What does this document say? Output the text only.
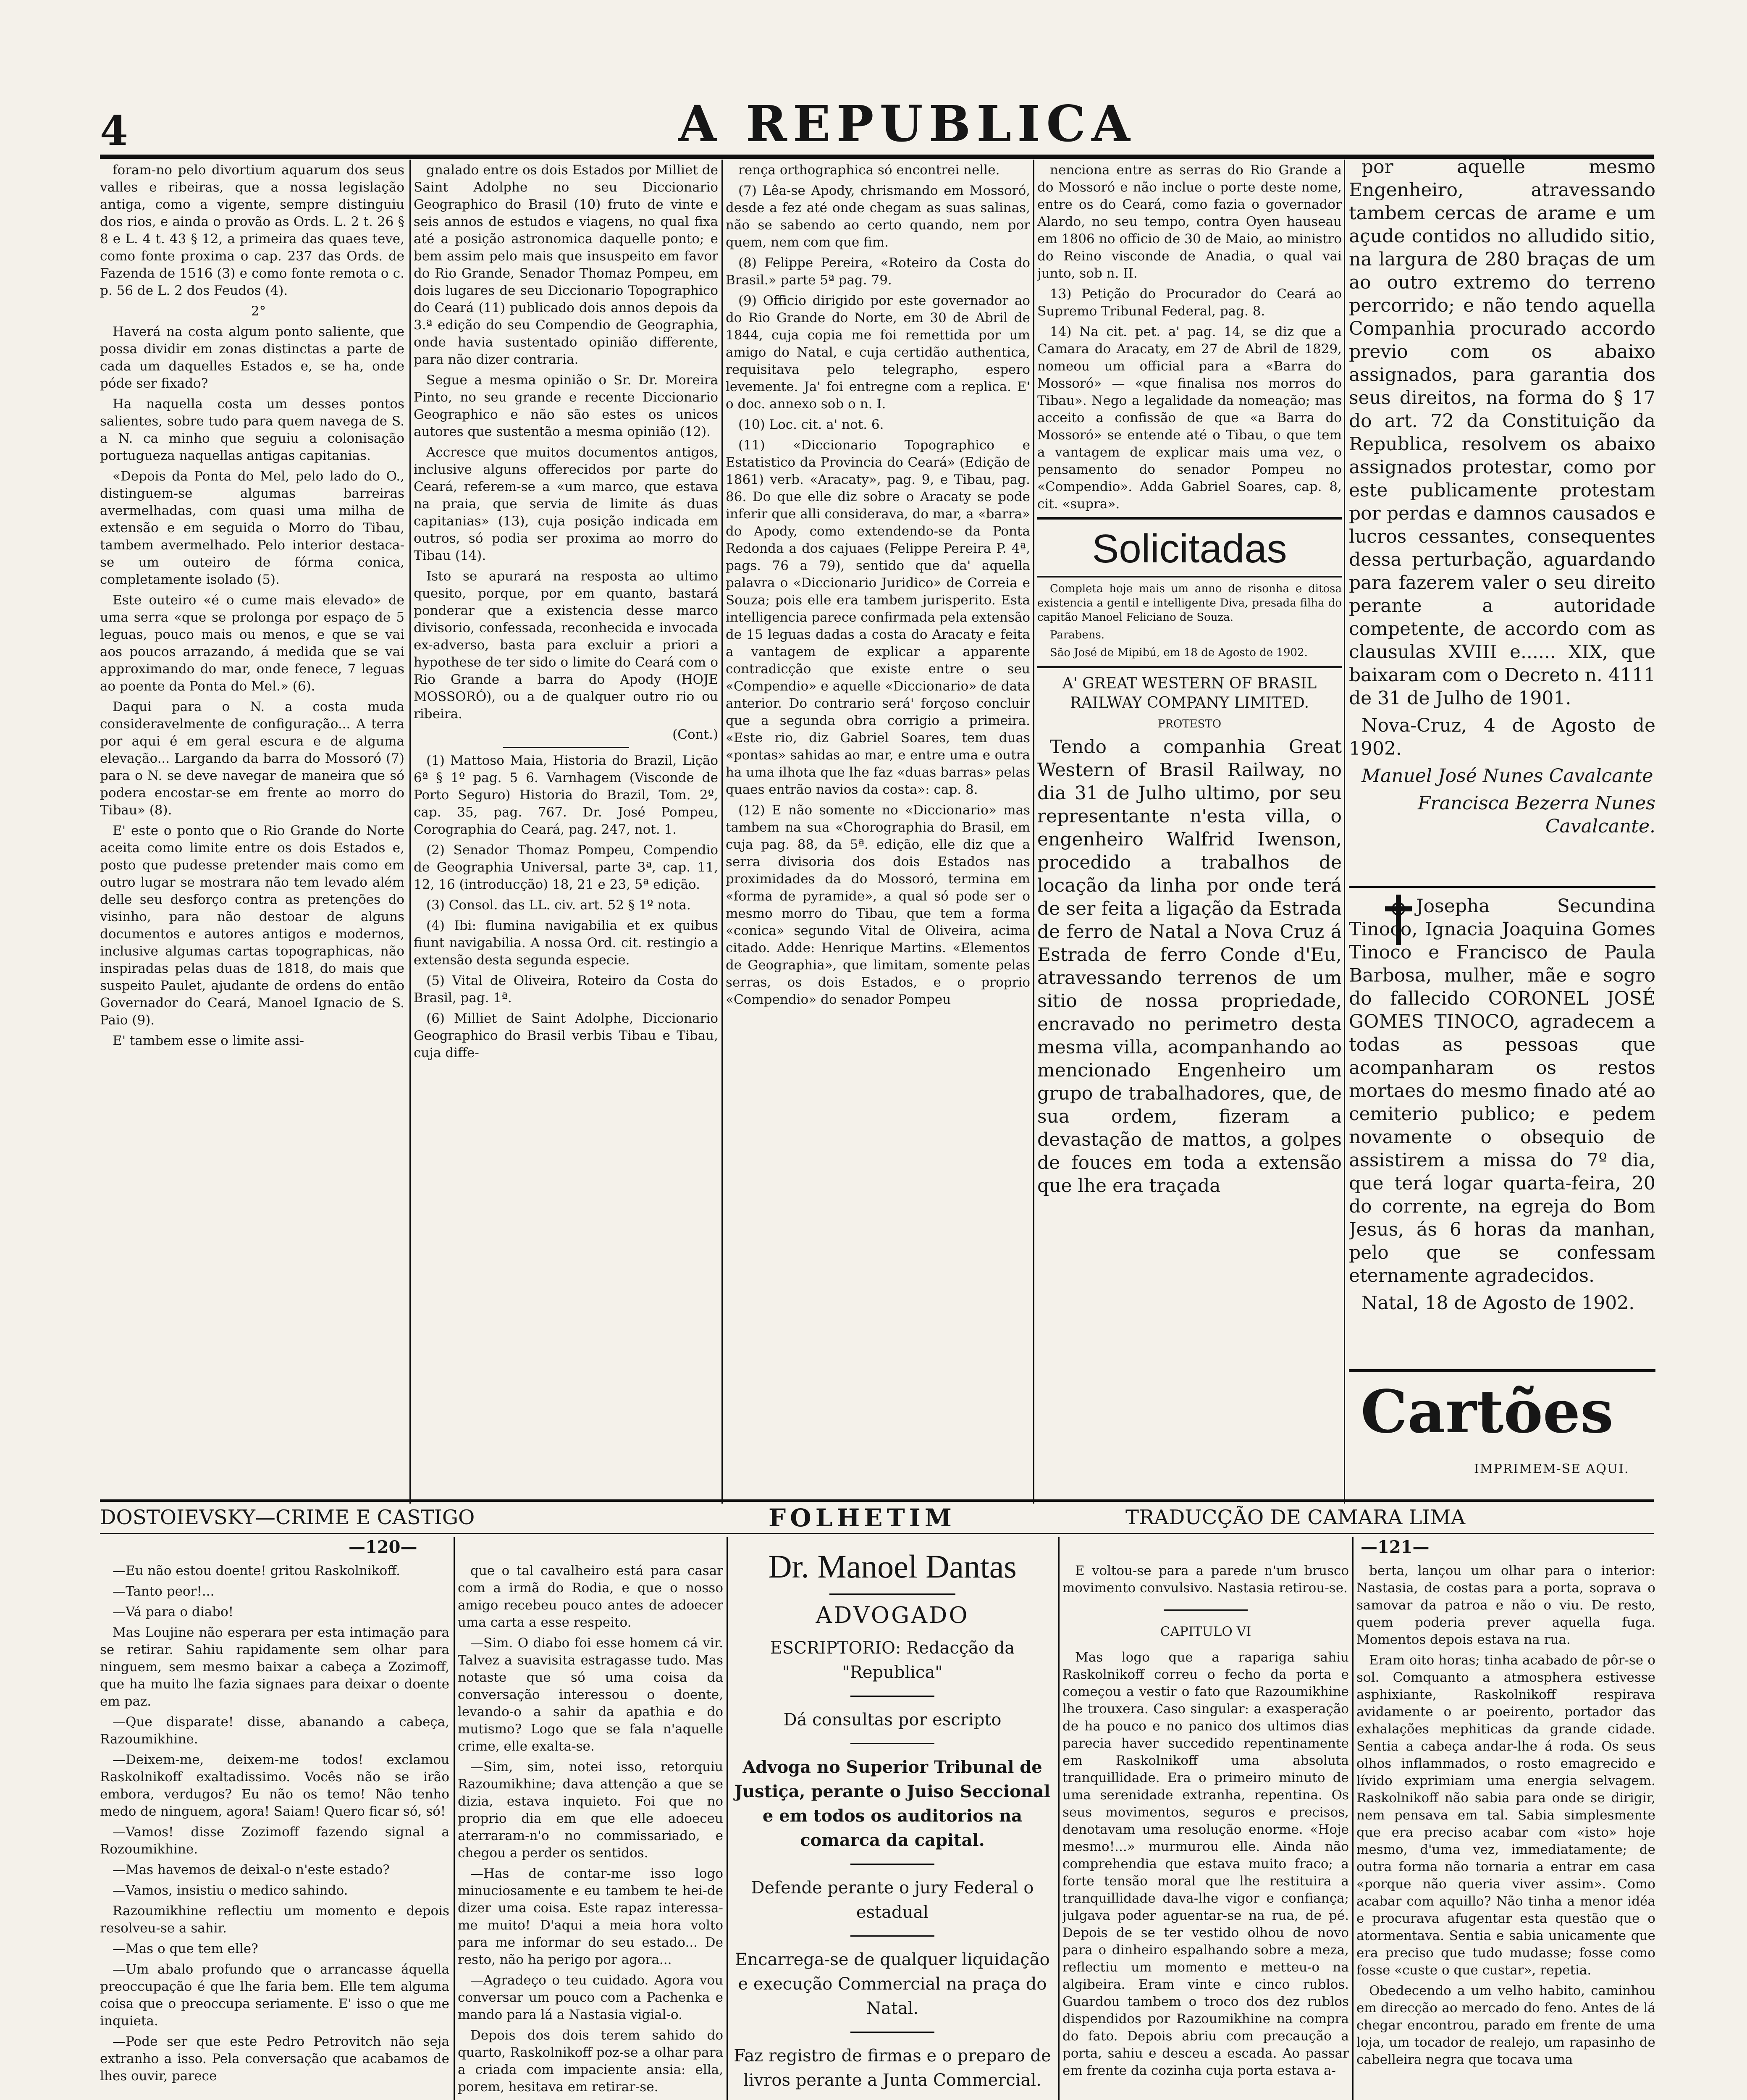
4	A REPUBLICA

foram-no pelo divortium aquarum dos seus valles e ribeiras, que a nossa legislação antiga, como a vigente, sempre distinguiu dos rios, e ainda o provão as Ords. L. 2 t. 26 § 8 e L. 4 t. 43 § 12, a primeira das quaes teve, como fonte proxima o cap. 237 das Ords. de Fazenda de 1516 (3) e como fonte remota o c. p. 56 de L. 2 dos Feudos (4).

2°

Haverá na costa algum ponto saliente, que possa dividir em zonas distinctas a parte de cada um daquelles Estados e, se ha, onde póde ser fixado?

Ha naquella costa um desses pontos salientes, sobre tudo para quem navega de S. a N. ca minho que seguiu a colonisação portugueza naquellas antigas capitanias.

«Depois da Ponta do Mel, pelo lado do O., distinguem-se algumas barreiras avermelhadas, com quasi uma milha de extensão e em seguida o Morro do Tibau, tambem avermelhado. Pelo interior destaca-se um outeiro de fórma conica, completamente isolado (5).

Este outeiro «é o cume mais elevado» de uma serra «que se prolonga por espaço de 5 leguas, pouco mais ou menos, e que se vai aos poucos arrazando, á medida que se vai approximando do mar, onde fenece, 7 leguas ao poente da Ponta do Mel.» (6).

Daqui para o N. a costa muda consideravelmente de configuração... A terra por aqui é em geral escura e de alguma elevação... Largando da barra do Mossoró (7) para o N. se deve navegar de maneira que só podera encostar-se em frente ao morro do Tibau» (8).

E' este o ponto que o Rio Grande do Norte aceita como limite entre os dois Estados e, posto que pudesse pretender mais como em outro lugar se mostrara não tem levado além delle seu desforço contra as pretenções do visinho, para não destoar de alguns documentos e autores antigos e modernos, inclusive algumas cartas topographicas, não inspiradas pelas duas de 1818, do mais que suspeito Paulet, ajudante de ordens do então Governador do Ceará, Manoel Ignacio de S. Paio (9).

E' tambem esse o limite assi-

gnalado entre os dois Estados por Milliet de Saint Adolphe no seu Diccionario Geographico do Brasil (10) fruto de vinte e seis annos de estudos e viagens, no qual fixa até a posição astronomica daquelle ponto; e bem assim pelo mais que insuspeito em favor do Rio Grande, Senador Thomaz Pompeu, em dois lugares de seu Diccionario Topographico do Ceará (11) publicado dois annos depois da 3.ª edição do seu Compendio de Geographia, onde havia sustentado opinião differente, para não dizer contraria.

Segue a mesma opinião o Sr. Dr. Moreira Pinto, no seu grande e recente Diccionario Geographico e não são estes os unicos autores que sustentão a mesma opinião (12).

Accresce que muitos documentos antigos, inclusive alguns offerecidos por parte do Ceará, referem-se a «um marco, que estava na praia, que servia de limite ás duas capitanias» (13), cuja posição indicada em outros, só podia ser proxima ao morro do Tibau (14).

Isto se apurará na resposta ao ultimo quesito, porque, por em quanto, bastará ponderar que a existencia desse marco divisorio, confessada, reconhecida e invocada ex-adverso, basta para excluir a priori a hypothese de ter sido o limite do Ceará com o Rio Grande a barra do Apody (HOJE MOSSORÓ), ou a de qualquer outro rio ou ribeira.

(Cont.)

(1) Mattoso Maia, Historia do Brazil, Lição 6ª § 1º pag. 5 6. Varnhagem (Visconde de Porto Seguro) Historia do Brazil, Tom. 2º, cap. 35, pag. 767. Dr. José Pompeu, Corographia do Ceará, pag. 247, not. 1.

(2) Senador Thomaz Pompeu, Compendio de Geographia Universal, parte 3ª, cap. 11, 12, 16 (introducção) 18, 21 e 23, 5ª edição.

(3) Consol. das LL. civ. art. 52 § 1º nota.

(4) Ibi: flumina navigabilia et ex quibus fiunt navigabilia. A nossa Ord. cit. restingio a extensão desta segunda especie.

(5) Vital de Oliveira, Roteiro da Costa do Brasil, pag. 1ª.

(6) Milliet de Saint Adolphe, Diccionario Geographico do Brasil verbis Tibau e Tibau, cuja diffe-

rença orthographica só encontrei nelle.

(7) Lêa-se Apody, chrismando em Mossoró, desde a fez até onde chegam as suas salinas, não se sabendo ao certo quando, nem por quem, nem com que fim.

(8) Felippe Pereira, «Roteiro da Costa do Brasil.» parte 5ª pag. 79.

(9) Officio dirigido por este governador ao do Rio Grande do Norte, em 30 de Abril de 1844, cuja copia me foi remettida por um amigo do Natal, e cuja certidão authentica, requisitava pelo telegrapho, espero levemente. Ja' foi entregne com a replica. E' o doc. annexo sob o n. I.

(10) Loc. cit. a' not. 6.

(11) «Diccionario Topographico e Estatistico da Provincia do Ceará» (Edição de 1861) verb. «Aracaty», pag. 9, e Tibau, pag. 86. Do que elle diz sobre o Aracaty se pode inferir que alli considerava, do mar, a «barra» do Apody, como extendendo-se da Ponta Redonda a dos cajuaes (Felippe Pereira P. 4ª, pags. 76 a 79), sentido que da' aquella palavra o «Diccionario Juridico» de Correia e Souza; pois elle era tambem jurisperito. Esta intelligencia parece confirmada pela extensão de 15 leguas dadas a costa do Aracaty e feita a vantagem de explicar a apparente contradicção que existe entre o seu «Compendio» e aquelle «Diccionario» de data anterior. Do contrario será' forçoso concluir que a segunda obra corrigio a primeira. «Este rio, diz Gabriel Soares, tem duas «pontas» sahidas ao mar, e entre uma e outra ha uma ilhota que lhe faz «duas barras» pelas quaes entrão navios da costa»: cap. 8.

(12) E não somente no «Diccionario» mas tambem na sua «Chorographia do Brasil, em cuja pag. 88, da 5ª. edição, elle diz que a serra divisoria dos dois Estados nas proximidades da do Mossoró, termina em «forma de pyramide», a qual só pode ser o mesmo morro do Tibau, que tem a forma «conica» segundo Vital de Oliveira, acima citado. Adde: Henrique Martins. «Elementos de Geographia», que limitam, somente pelas serras, os dois Estados, e o proprio «Compendio» do senador Pompeu

nenciona entre as serras do Rio Grande a do Mossoró e não inclue o porte deste nome, entre os do Ceará, como fazia o governador Alardo, no seu tempo, contra Oyen hauseau em 1806 no officio de 30 de Maio, ao ministro do Reino visconde de Anadia, o qual vai junto, sob n. II.

13) Petição do Procurador do Ceará ao Supremo Tribunal Federal, pag. 8.

14) Na cit. pet. a' pag. 14, se diz que a Camara do Aracaty, em 27 de Abril de 1829, nomeou um official para a «Barra do Mossoró» — «que finalisa nos morros do Tibau». Nego a legalidade da nomeação; mas acceito a confissão de que «a Barra do Mossoró» se entende até o Tibau, o que tem a vantagem de explicar mais uma vez, o pensamento do senador Pompeu no «Compendio». Adda Gabriel Soares, cap. 8, cit. «supra».

Solicitadas

Completa hoje mais um anno de risonha e ditosa existencia a gentil e intelligente Diva, presada filha do capitão Manoel Feliciano de Souza.

Parabens.

São José de Mipibú, em 18 de Agosto de 1902.

A' GREAT WESTERN OF BRASIL RAILWAY COMPANY LIMITED.
PROTESTO

Tendo a companhia Great Western of Brasil Railway, no dia 31 de Julho ultimo, por seu representante n'esta villa, o engenheiro Walfrid Iwenson, procedido a trabalhos de locação da linha por onde terá de ser feita a ligação da Estrada de ferro de Natal a Nova Cruz á Estrada de ferro Conde d'Eu, atravessando terrenos de um sitio de nossa propriedade, encravado no perimetro desta mesma villa, acompanhando ao mencionado Engenheiro um grupo de trabalhadores, que, de sua ordem, fizeram a devastação de mattos, a golpes de fouces em toda a extensão que lhe era traçada

por aquelle mesmo Engenheiro, atravessando tambem cercas de arame e um açude contidos no alludido sitio, na largura de 280 braças de um ao outro extremo do terreno percorrido; e não tendo aquella Companhia procurado accordo previo com os abaixo assignados, para garantia dos seus direitos, na forma do § 17 do art. 72 da Constituição da Republica, resolvem os abaixo assignados protestar, como por este publicamente protestam por perdas e damnos causados e lucros cessantes, consequentes dessa perturbação, aguardando para fazerem valer o seu direito perante a autoridade competente, de accordo com as clausulas XVIII e...... XIX, que baixaram com o Decreto n. 4111 de 31 de Julho de 1901.

Nova-Cruz, 4 de Agosto de 1902.

Manuel José Nunes Cavalcante

Francisca Bezerra Nunes Cavalcante.

Josepha Secundina Tinoco, Ignacia Joaquina Gomes Tinoco e Francisco de Paula Barbosa, mulher, mãe e sogro do fallecido CORONEL JOSÉ GOMES TINOCO, agradecem a todas as pessoas que acompanharam os restos mortaes do mesmo finado até ao cemiterio publico; e pedem novamente o obsequio de assistirem a missa do 7º dia, que terá logar quarta-feira, 20 do corrente, na egreja do Bom Jesus, ás 6 horas da manhan, pelo que se confessam eternamente agradecidos.

Natal, 18 de Agosto de 1902.

Cartões
IMPRIMEM-SE AQUI.
DOSTOIEVSKY—CRIME E CASTIGO	FOLHETIM	TRADUCÇÃO DE CAMARA LIMA
—120—	—121—

—Eu não estou doente! gritou Raskolnikoff.

—Tanto peor!...

—Vá para o diabo!

Mas Loujine não esperara per esta intimação para se retirar. Sahiu rapidamente sem olhar para ninguem, sem mesmo baixar a cabeça a Zozimoff, que ha muito lhe fazia signaes para deixar o doente em paz.

—Que disparate! disse, abanando a cabeça, Razoumikhine.

—Deixem-me, deixem-me todos! exclamou Raskolnikoff exaltadissimo. Vocês não se irão embora, verdugos? Eu não os temo! Não tenho medo de ninguem, agora! Saiam! Quero ficar só, só!

—Vamos! disse Zozimoff fazendo signal a Rozoumikhine.

—Mas havemos de deixal-o n'este estado?

—Vamos, insistiu o medico sahindo.

Razoumikhine reflectiu um momento e depois resolveu-se a sahir.

—Mas o que tem elle?

—Um abalo profundo que o arrancasse áquella preoccupação é que lhe faria bem. Elle tem alguma coisa que o preoccupa seriamente. E' isso o que me inquieta.

—Pode ser que este Pedro Petrovitch não seja extranho a isso. Pela conversação que acabamos de lhes ouvir, parece

que o tal cavalheiro está para casar com a irmã do Rodia, e que o nosso amigo recebeu pouco antes de adoecer uma carta a esse respeito.

—Sim. O diabo foi esse homem cá vir. Talvez a suavisita estragasse tudo. Mas notaste que só uma coisa da conversação interessou o doente, levando-o a sahir da apathia e do mutismo? Logo que se fala n'aquelle crime, elle exalta-se.

—Sim, sim, notei isso, retorquiu Razoumikhine; dava attenção a que se dizia, estava inquieto. Foi que no proprio dia em que elle adoeceu aterraram-n'o no commissariado, e chegou a perder os sentidos.

—Has de contar-me isso logo minuciosamente e eu tambem te hei-de dizer uma coisa. Este rapaz interessa-me muito! D'aqui a meia hora volto para me informar do seu estado... De resto, não ha perigo por agora...

—Agradeço o teu cuidado. Agora vou conversar um pouco com a Pachenka e mando para lá a Nastasia vigial-o.

Depois dos dois terem sahido do quarto, Raskolnikoff poz-se a olhar para a criada com impaciente ansia: ella, porem, hesitava em retirar-se.

Dr. Manoel Dantas
ADVOGADO
ESCRIPTORIO: Redacção da "Republica"
Dá consultas por escripto
Advoga no Superior Tribunal de Justiça, perante o Juiso Seccional e em todos os auditorios na comarca da capital.
Defende perante o jury Federal o estadual
Encarrega-se de qualquer liquidação e execução Commercial na praça do Natal.
Faz registro de firmas e o preparo de livros perante a Junta Commercial.

E voltou-se para a parede n'um brusco movimento convulsivo. Nastasia retirou-se.

CAPITULO VI

Mas logo que a rapariga sahiu Raskolnikoff correu o fecho da porta e começou a vestir o fato que Razoumikhine lhe trouxera. Caso singular: a exasperação de ha pouco e no panico dos ultimos dias parecia haver succedido repentinamente em Raskolnikoff uma absoluta tranquillidade. Era o primeiro minuto de uma serenidade extranha, repentina. Os seus movimentos, seguros e precisos, denotavam uma resolução enorme. «Hoje mesmo!...» murmurou elle. Ainda não comprehendia que estava muito fraco; a forte tensão moral que lhe restituira a tranquillidade dava-lhe vigor e confiança; julgava poder aguentar-se na rua, de pé. Depois de se ter vestido olhou de novo para o dinheiro espalhando sobre a meza, reflectiu um momento e metteu-o na algibeira. Eram vinte e cinco rublos. Guardou tambem o troco dos dez rublos dispendidos por Razoumikhine na compra do fato. Depois abriu com precaução a porta, sahiu e desceu a escada. Ao passar em frente da cozinha cuja porta estava a-

berta, lançou um olhar para o interior: Nastasia, de costas para a porta, soprava o samovar da patroa e não o viu. De resto, quem poderia prever aquella fuga. Momentos depois estava na rua.

Eram oito horas; tinha acabado de pôr-se o sol. Comquanto a atmosphera estivesse asphixiante, Raskolnikoff respirava avidamente o ar poeirento, portador das exhalações mephiticas da grande cidade. Sentia a cabeça andar-lhe á roda. Os seus olhos inflammados, o rosto emagrecido e lívido exprimiam uma energia selvagem. Raskolnikoff não sabia para onde se dirigir, nem pensava em tal. Sabia simplesmente que era preciso acabar com «isto» hoje mesmo, d'uma vez, immediatamente; de outra forma não tornaria a entrar em casa «porque não queria viver assim». Como acabar com aquillo? Não tinha a menor idéa e procurava afugentar esta questão que o atormentava. Sentia e sabia unicamente que era preciso que tudo mudasse; fosse como fosse «custe o que custar», repetia.

Obedecendo a um velho habito, caminhou em direcção ao mercado do feno. Antes de lá chegar encontrou, parado em frente de uma loja, um tocador de realejo, um rapasinho de cabelleira negra que tocava uma
